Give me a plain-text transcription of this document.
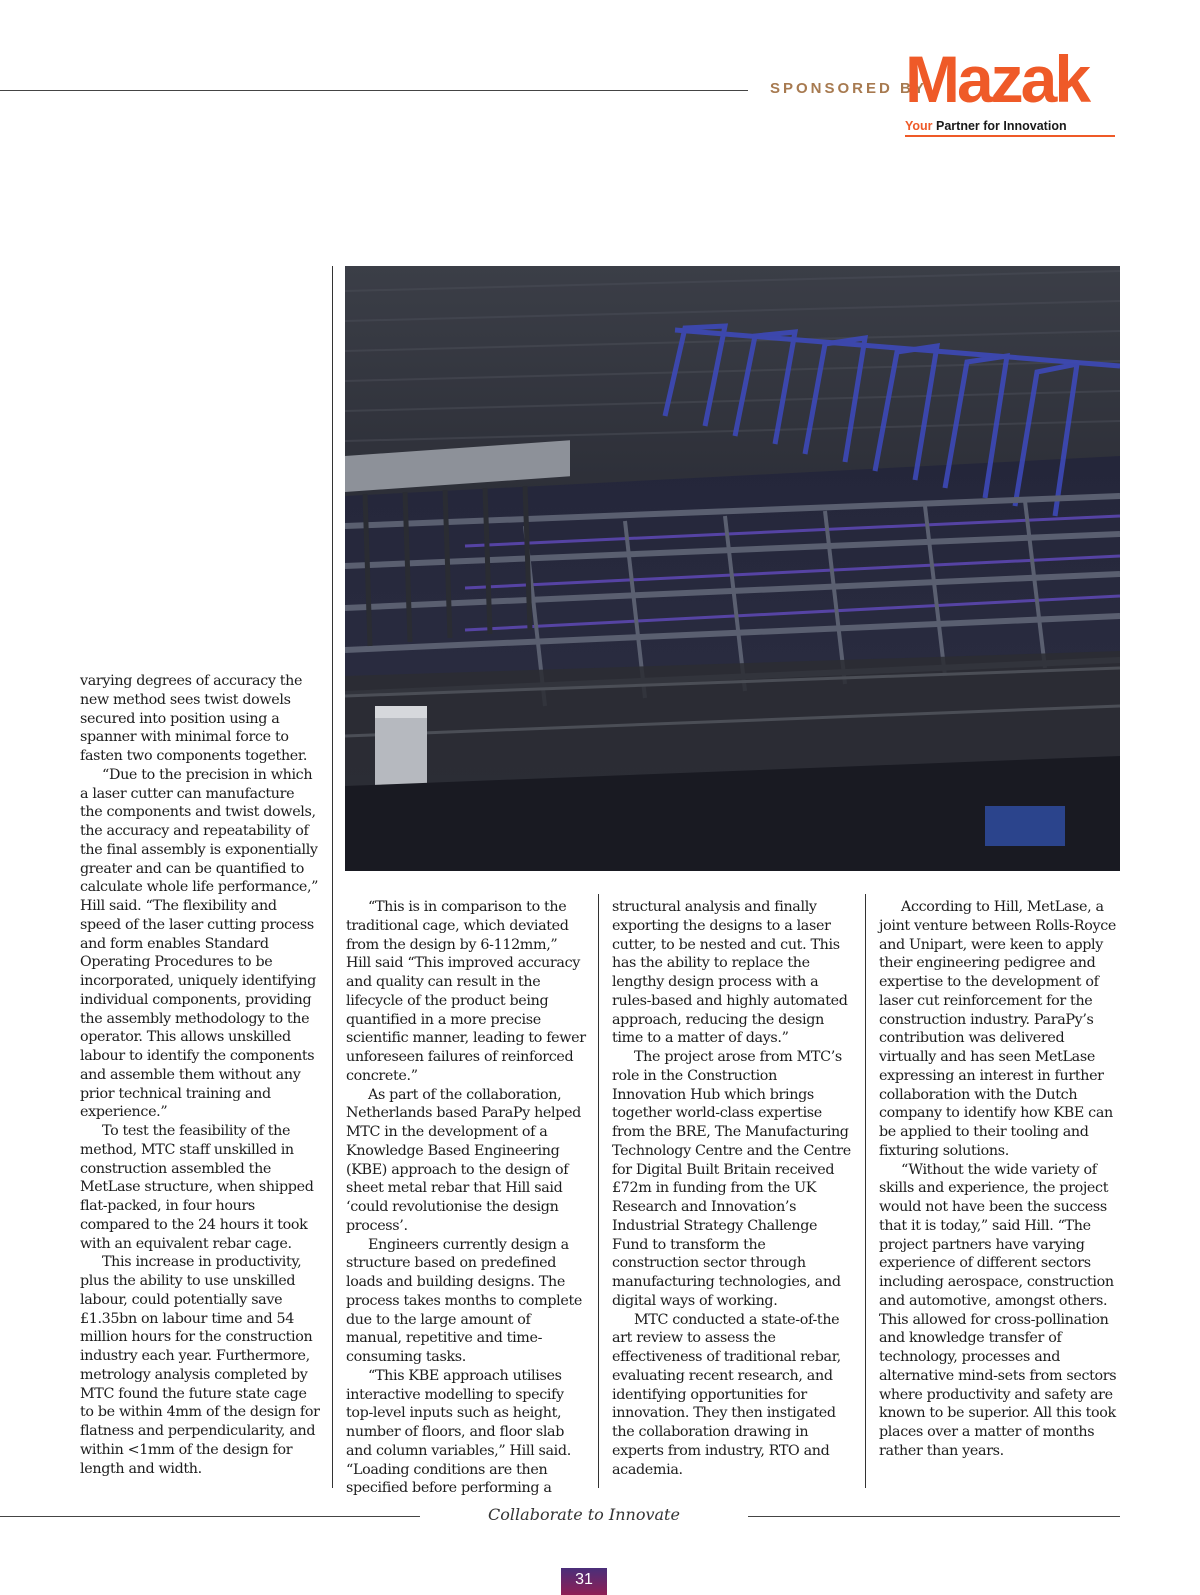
SPONSORED BY
Mazak
Your Partner for Innovation

varying degrees of accuracy the new method sees twist dowels secured into position using a spanner with minimal force to fasten two components together.

“Due to the precision in which a laser cutter can manufacture the components and twist dowels, the accuracy and repeatability of the final assembly is exponentially greater and can be quantified to calculate whole life performance,” Hill said. “The flexibility and speed of the laser cutting process and form enables Standard Operating Procedures to be incorporated, uniquely identifying individual components, providing the assembly methodology to the operator. This allows unskilled labour to identify the components and assemble them without any prior technical training and experience.”

To test the feasibility of the method, MTC staff unskilled in construction assembled the MetLase structure, when shipped flat-packed, in four hours compared to the 24 hours it took with an equivalent rebar cage.

This increase in productivity, plus the ability to use unskilled labour, could potentially save £1.35bn on labour time and 54 million hours for the construction industry each year. Furthermore, metrology analysis completed by MTC found the future state cage to be within 4mm of the design for flatness and perpendicularity, and within <1mm of the design for length and width.

“This is in comparison to the traditional cage, which deviated from the design by 6-112mm,” Hill said “This improved accuracy and quality can result in the lifecycle of the product being quantified in a more precise scientific manner, leading to fewer unforeseen failures of reinforced concrete.”

As part of the collaboration, Netherlands based ParaPy helped MTC in the development of a Knowledge Based Engineering (KBE) approach to the design of sheet metal rebar that Hill said ‘could revolutionise the design process’.

Engineers currently design a structure based on predefined loads and building designs. The process takes months to complete due to the large amount of manual, repetitive and time-consuming tasks.

“This KBE approach utilises interactive modelling to specify top-level inputs such as height, number of floors, and floor slab and column variables,” Hill said. “Loading conditions are then specified before performing a

structural analysis and finally exporting the designs to a laser cutter, to be nested and cut. This has the ability to replace the lengthy design process with a rules-based and highly automated approach, reducing the design time to a matter of days.”

The project arose from MTC’s role in the Construction Innovation Hub which brings together world-class expertise from the BRE, The Manufacturing Technology Centre and the Centre for Digital Built Britain received £72m in funding from the UK Research and Innovation’s Industrial Strategy Challenge Fund to transform the construction sector through manufacturing technologies, and digital ways of working.

MTC conducted a state-of-the art review to assess the effectiveness of traditional rebar, evaluating recent research, and identifying opportunities for innovation. They then instigated the collaboration drawing in experts from industry, RTO and academia.

According to Hill, MetLase, a joint venture between Rolls-Royce and Unipart, were keen to apply their engineering pedigree and expertise to the development of laser cut reinforcement for the construction industry. ParaPy’s contribution was delivered virtually and has seen MetLase expressing an interest in further collaboration with the Dutch company to identify how KBE can be applied to their tooling and fixturing solutions.

“Without the wide variety of skills and experience, the project would not have been the success that it is today,” said Hill. “The project partners have varying experience of different sectors including aerospace, construction and automotive, amongst others. This allowed for cross-pollination and knowledge transfer of technology, processes and alternative mind-sets from sectors where productivity and safety are known to be superior. All this took places over a matter of months rather than years.

Collaborate to Innovate
31
